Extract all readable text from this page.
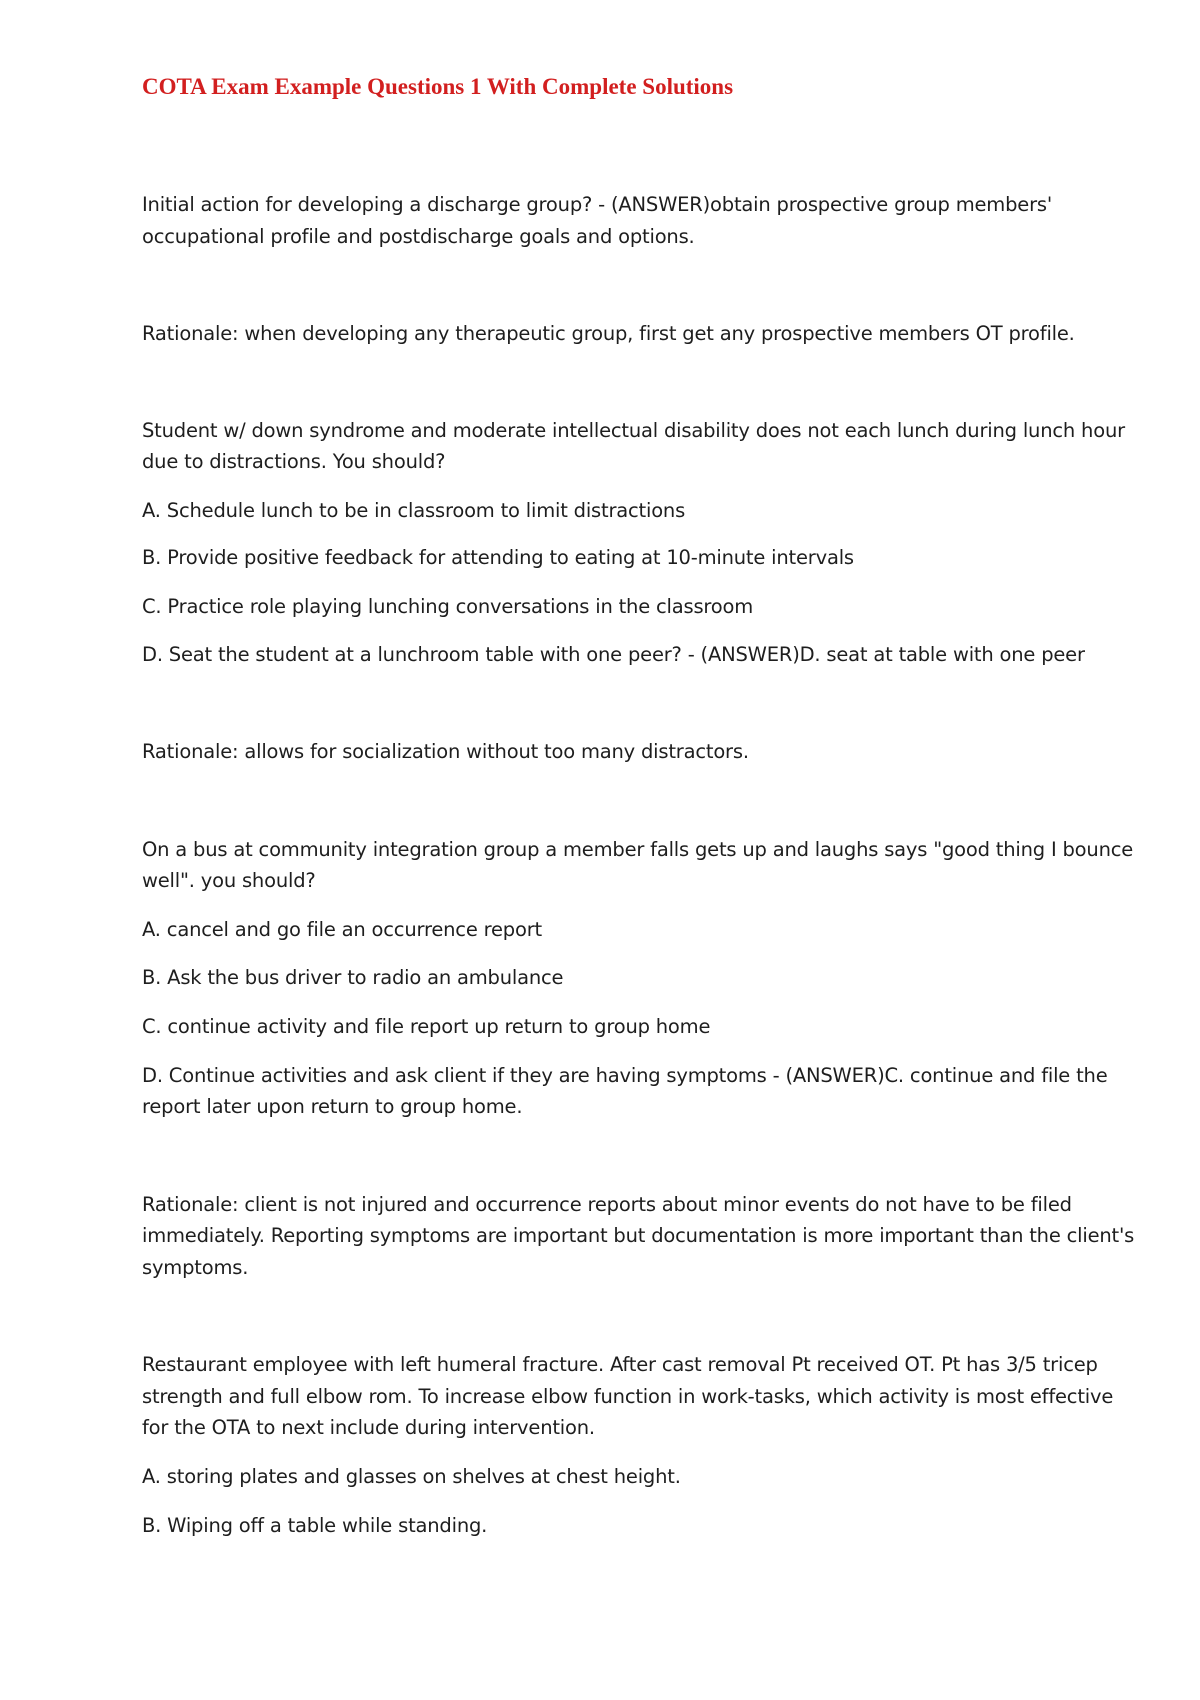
COTA Exam Example Questions 1 With Complete Solutions
Initial action for developing a discharge group? - (ANSWER)obtain prospective group members'
occupational profile and postdischarge goals and options.
Rationale: when developing any therapeutic group, first get any prospective members OT profile.
Student w/ down syndrome and moderate intellectual disability does not each lunch during lunch hour
due to distractions. You should?
A. Schedule lunch to be in classroom to limit distractions
B. Provide positive feedback for attending to eating at 10-minute intervals
C. Practice role playing lunching conversations in the classroom
D. Seat the student at a lunchroom table with one peer? - (ANSWER)D. seat at table with one peer
Rationale: allows for socialization without too many distractors.
On a bus at community integration group a member falls gets up and laughs says "good thing I bounce
well". you should?
A. cancel and go file an occurrence report
B. Ask the bus driver to radio an ambulance
C. continue activity and file report up return to group home
D. Continue activities and ask client if they are having symptoms - (ANSWER)C. continue and file the
report later upon return to group home.
Rationale: client is not injured and occurrence reports about minor events do not have to be filed
immediately. Reporting symptoms are important but documentation is more important than the client's
symptoms.
Restaurant employee with left humeral fracture. After cast removal Pt received OT. Pt has 3/5 tricep
strength and full elbow rom. To increase elbow function in work-tasks, which activity is most effective
for the OTA to next include during intervention.
A. storing plates and glasses on shelves at chest height.
B. Wiping off a table while standing.
